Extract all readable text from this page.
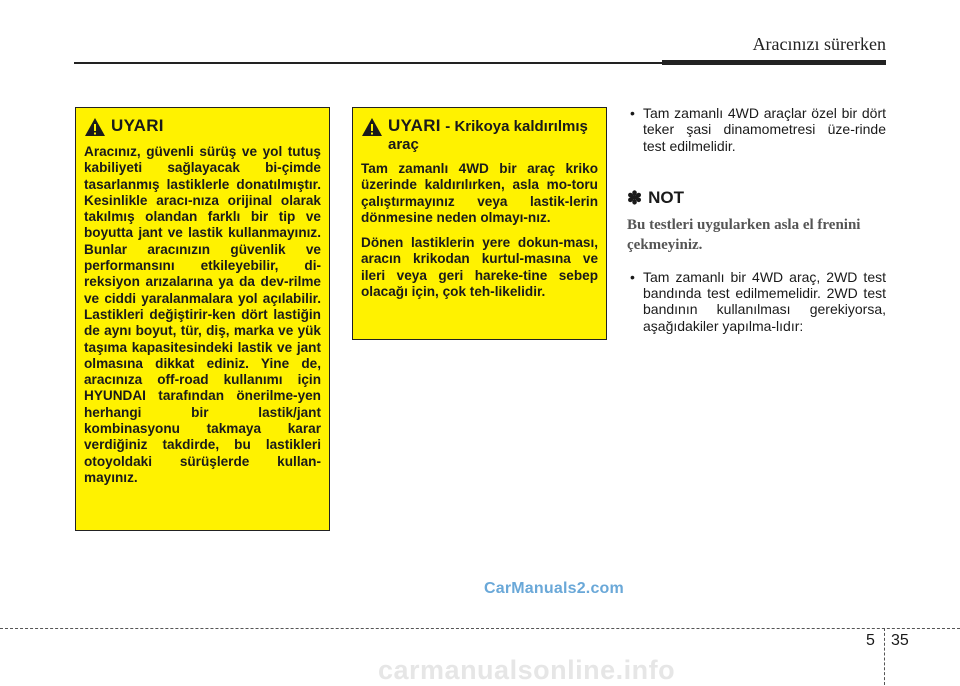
Aracınızı sürerken
UYARI

Aracınız, güvenli sürüş ve yol tutuş kabiliyeti sağlayacak bi-çimde tasarlanmış lastiklerle donatılmıştır. Kesinlikle aracı-nıza orijinal olarak takılmış olandan farklı bir tip ve boyutta jant ve lastik kullanmayınız. Bunlar aracınızın güvenlik ve performansını etkileyebilir, di-reksiyon arızalarına ya da dev-rilme ve ciddi yaralanmalara yol açılabilir. Lastikleri değiştirir-ken dört lastiğin de aynı boyut, tür, diş, marka ve yük taşıma kapasitesindeki lastik ve jant olmasına dikkat ediniz. Yine de, aracınıza off-road kullanımı için HYUNDAI tarafından önerilme-yen herhangi bir lastik/jant kombinasyonu takmaya karar verdiğiniz takdirde, bu lastikleri otoyoldaki sürüşlerde kullan-mayınız.

UYARI - Krikoya kaldırılmış araç

Tam zamanlı 4WD bir araç kriko üzerinde kaldırılırken, asla mo-toru çalıştırmayınız veya lastik-lerin dönmesine neden olmayı-nız.

Dönen lastiklerin yere dokun-ması, aracın krikodan kurtul-masına ve ileri veya geri hareke-tine sebep olacağı için, çok teh-likelidir.

• Tam zamanlı 4WD araçlar özel bir dört teker şasi dinamometresi üze-rinde test edilmelidir.

✽ NOT

Bu testleri uygularken asla el frenini çekmeyiniz.

• Tam zamanlı bir 4WD araç, 2WD test bandında test edilmemelidir. 2WD test bandının kullanılması gerekiyorsa, aşağıdakiler yapılma-lıdır:

CarManuals2.com
5 35
carmanualsonline.info
